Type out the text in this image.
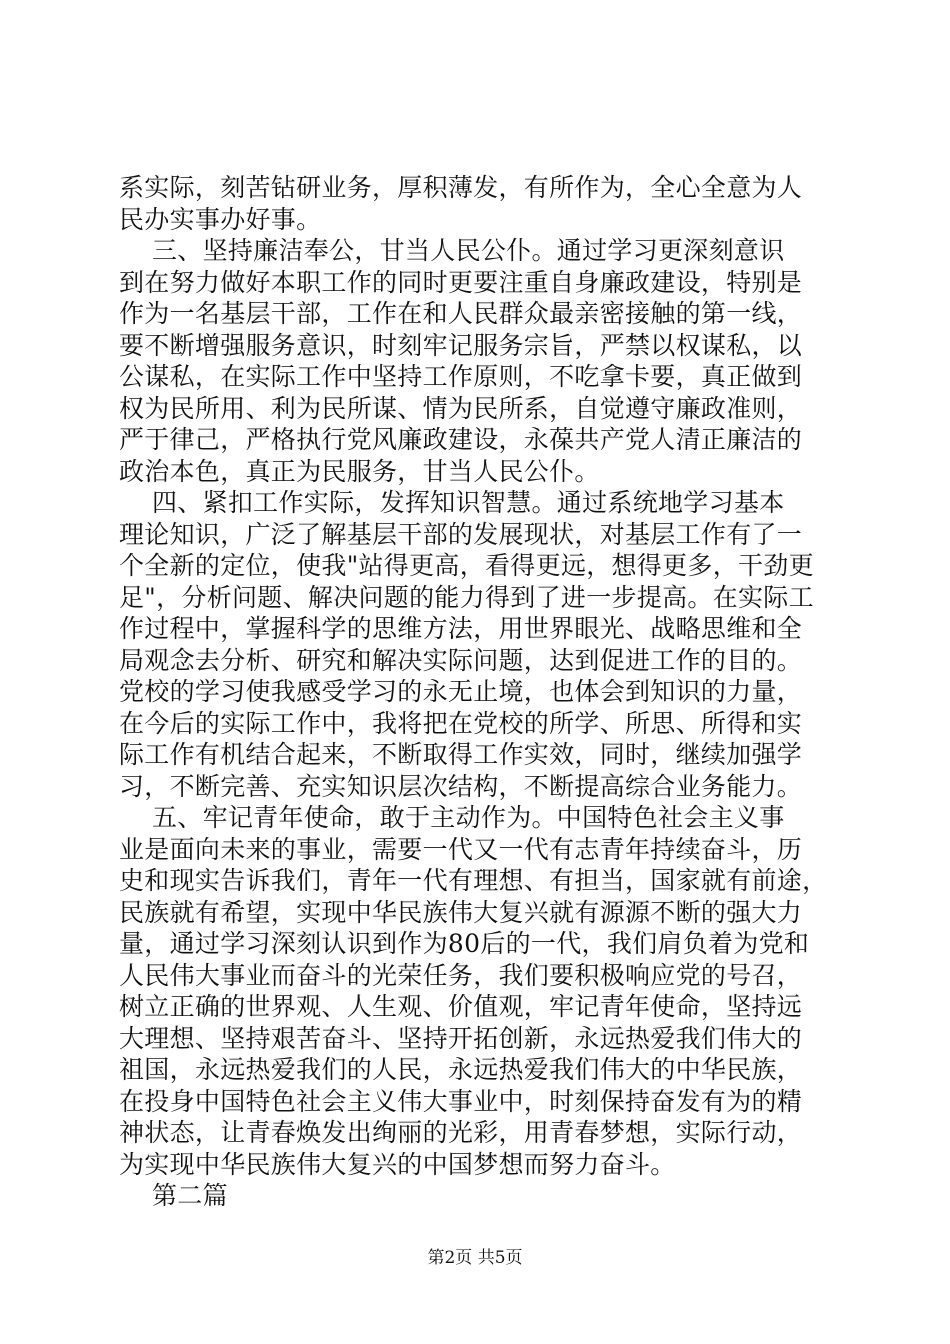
系实际，刻苦钻研业务，厚积薄发，有所作为，全心全意为人
民办实事办好事。
三、坚持廉洁奉公，甘当人民公仆。通过学习更深刻意识
到在努力做好本职工作的同时更要注重自身廉政建设，特别是
作为一名基层干部，工作在和人民群众最亲密接触的第一线，
要不断增强服务意识，时刻牢记服务宗旨，严禁以权谋私，以
公谋私，在实际工作中坚持工作原则，不吃拿卡要，真正做到
权为民所用、利为民所谋、情为民所系，自觉遵守廉政准则，
严于律己，严格执行党风廉政建设，永葆共产党人清正廉洁的
政治本色，真正为民服务，甘当人民公仆。
四、紧扣工作实际，发挥知识智慧。通过系统地学习基本
理论知识，广泛了解基层干部的发展现状，对基层工作有了一
个全新的定位，使我"站得更高，看得更远，想得更多，干劲更
足"，分析问题、解决问题的能力得到了进一步提高。在实际工
作过程中，掌握科学的思维方法，用世界眼光、战略思维和全
局观念去分析、研究和解决实际问题，达到促进工作的目的。
党校的学习使我感受学习的永无止境，也体会到知识的力量，
在今后的实际工作中，我将把在党校的所学、所思、所得和实
际工作有机结合起来，不断取得工作实效，同时，继续加强学
习，不断完善、充实知识层次结构，不断提高综合业务能力。
五、牢记青年使命，敢于主动作为。中国特色社会主义事
业是面向未来的事业，需要一代又一代有志青年持续奋斗，历
史和现实告诉我们，青年一代有理想、有担当，国家就有前途，
民族就有希望，实现中华民族伟大复兴就有源源不断的强大力
量，通过学习深刻认识到作为80后的一代，我们肩负着为党和
人民伟大事业而奋斗的光荣任务，我们要积极响应党的号召，
树立正确的世界观、人生观、价值观，牢记青年使命，坚持远
大理想、坚持艰苦奋斗、坚持开拓创新，永远热爱我们伟大的
祖国，永远热爱我们的人民，永远热爱我们伟大的中华民族，
在投身中国特色社会主义伟大事业中，时刻保持奋发有为的精
神状态，让青春焕发出绚丽的光彩，用青春梦想，实际行动，
为实现中华民族伟大复兴的中国梦想而努力奋斗。
第二篇
第2页 共5页
